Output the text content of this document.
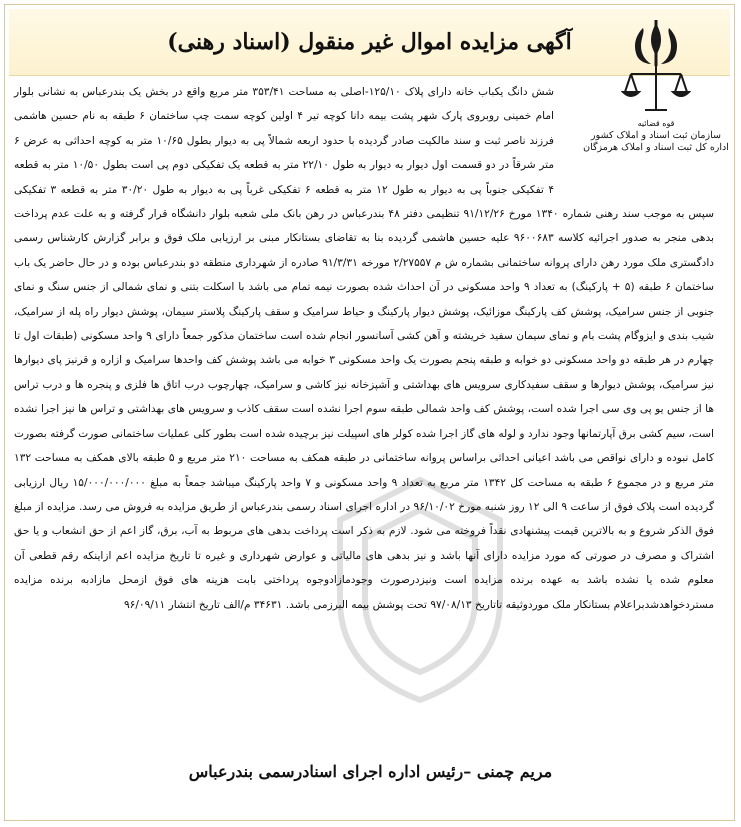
آگهی مزایده اموال غیر منقول (اسناد رهنی)
قوه قضائیه
سازمان ثبت اسناد و املاک کشور
اداره کل ثبت اسناد و املاک هرمزگان
شش دانگ یکباب خانه دارای پلاک ۱۲۵/۱۰-اصلی به مساحت ۳۵۳/۴۱ متر مربع واقع در بخش یک بندرعباس به نشانی بلوار امام خمینی روبروی پارک شهر پشت بیمه دانا کوچه تیر ۴ اولین کوچه سمت چپ ساختمان ۶ طبقه به نام حسین هاشمی فرزند ناصر ثبت و سند مالکیت صادر گردیده با حدود اربعه شمالاً پی به دیوار بطول ۱۰/۶۵ متر به کوچه احداثی به عرض ۶ متر شرقاً در دو قسمت اول دیوار به دیوار به طول ۲۲/۱۰ متر به قطعه یک تفکیکی دوم پی است بطول ۱۰/۵۰ متر به قطعه ۴ تفکیکی جنوباً پی به دیوار به طول ۱۲ متر به قطعه ۶ تفکیکی غرباً پی به دیوار به طول ۳۰/۲۰ متر به قطعه ۳ تفکیکی سپس به موجب سند رهنی شماره ۱۳۴۰ مورخ ۹۱/۱۲/۲۶ تنظیمی دفتر ۴۸ بندرعباس در رهن بانک ملی شعبه بلوار دانشگاه قرار گرفته و به علت عدم پرداخت بدهی منجر به صدور اجرائیه کلاسه ۹۶۰۰۶۸۳ علیه حسین هاشمی گردیده بنا به تقاضای بستانکار مبنی بر ارزیابی ملک فوق و برابر گزارش کارشناس رسمی دادگستری ملک مورد رهن دارای پروانه ساختمانی بشماره ش م ۲/۲۷۵۵۷ مورخه ۹۱/۳/۳۱ صادره از شهرداری منطقه دو بندرعباس بوده و در حال حاضر یک باب ساختمان ۶ طبقه (۵ + پارکینگ) به تعداد ۹ واحد مسکونی در آن احداث شده بصورت نیمه تمام می باشد با اسکلت بتنی و نمای شمالی از جنس سنگ و نمای جنوبی از جنس سرامیک، پوشش کف پارکینگ موزائیک، پوشش دیوار پارکینگ و حیاط سرامیک و سقف پارکینگ پلاستر سیمان، پوشش دیوار راه پله از سرامیک، شیب بندی و ایزوگام پشت بام و نمای سیمان سفید خریشته و آهن کشی آسانسور انجام شده است ساختمان مذکور جمعاً دارای ۹ واحد مسکونی (طبقات اول تا چهارم در هر طبقه دو واحد مسکونی دو خوابه و طبقه پنجم بصورت یک واحد مسکونی ۳ خوابه می باشد پوشش کف واحدها سرامیک و ازاره و قرنیز پای دیوارها نیز سرامیک، پوشش دیوارها و سقف سفیدکاری سرویس های بهداشتی و آشپزخانه نیز کاشی و سرامیک، چهارچوب درب اتاق ها فلزی و پنجره ها و درب تراس ها از جنس یو پی وی سی اجرا شده است، پوشش کف واحد شمالی طبقه سوم اجرا نشده است سقف کاذب و سرویس های بهداشتی و تراس ها نیز اجرا نشده است، سیم کشی برق آپارتمانها وجود ندارد و لوله های گاز اجرا شده کولر های اسپیلت نیز برچیده شده است بطور کلی عملیات ساختمانی صورت گرفته بصورت کامل نبوده و دارای نواقص می باشد اعیانی احداثی براساس پروانه ساختمانی در طبقه همکف به مساحت ۲۱۰ متر مربع و ۵ طبقه بالای همکف به مساحت ۱۳۲ متر مربع و در مجموع ۶ طبقه به مساحت کل ۱۳۴۲ متر مربع به تعداد ۹ واحد مسکونی و ۷ واحد پارکینگ میباشد جمعاً به مبلغ ۱۵/۰۰۰/۰۰۰/۰۰۰ ریال ارزیابی گردیده است پلاک فوق از ساعت ۹ الی ۱۲ روز شنبه مورخ ۹۶/۱۰/۰۲ در اداره اجرای اسناد رسمی بندرعباس از طریق مزایده به فروش می رسد. مزایده از مبلغ فوق الذکر شروع و به بالاترین قیمت پیشنهادی نقداً فروخته می شود. لازم به ذکر است پرداخت بدهی های مربوط به آب، برق، گاز اعم از حق انشعاب و یا حق اشتراک و مصرف در صورتی که مورد مزایده دارای آنها باشد و نیز بدهی های مالیاتی و عوارض شهرداری و غیره تا تاریخ مزایده اعم ازاینکه رقم قطعی آن معلوم شده یا نشده باشد به عهده برنده مزایده است ونیزدرصورت وجودمازادوجوه پرداختی بابت هزینه های فوق ازمحل مازادبه برنده مزایده مستردخواهدشدبراعلام بستانکار ملک موردوثیقه تاتاریخ ۹۷/۰۸/۱۳ تحت پوشش بیمه البرزمی باشد. ۳۴۶۳۱ م/الف تاریخ انتشار ۹۶/۰۹/۱۱
مریم چمنی –رئیس اداره اجرای اسنادرسمی بندرعباس
